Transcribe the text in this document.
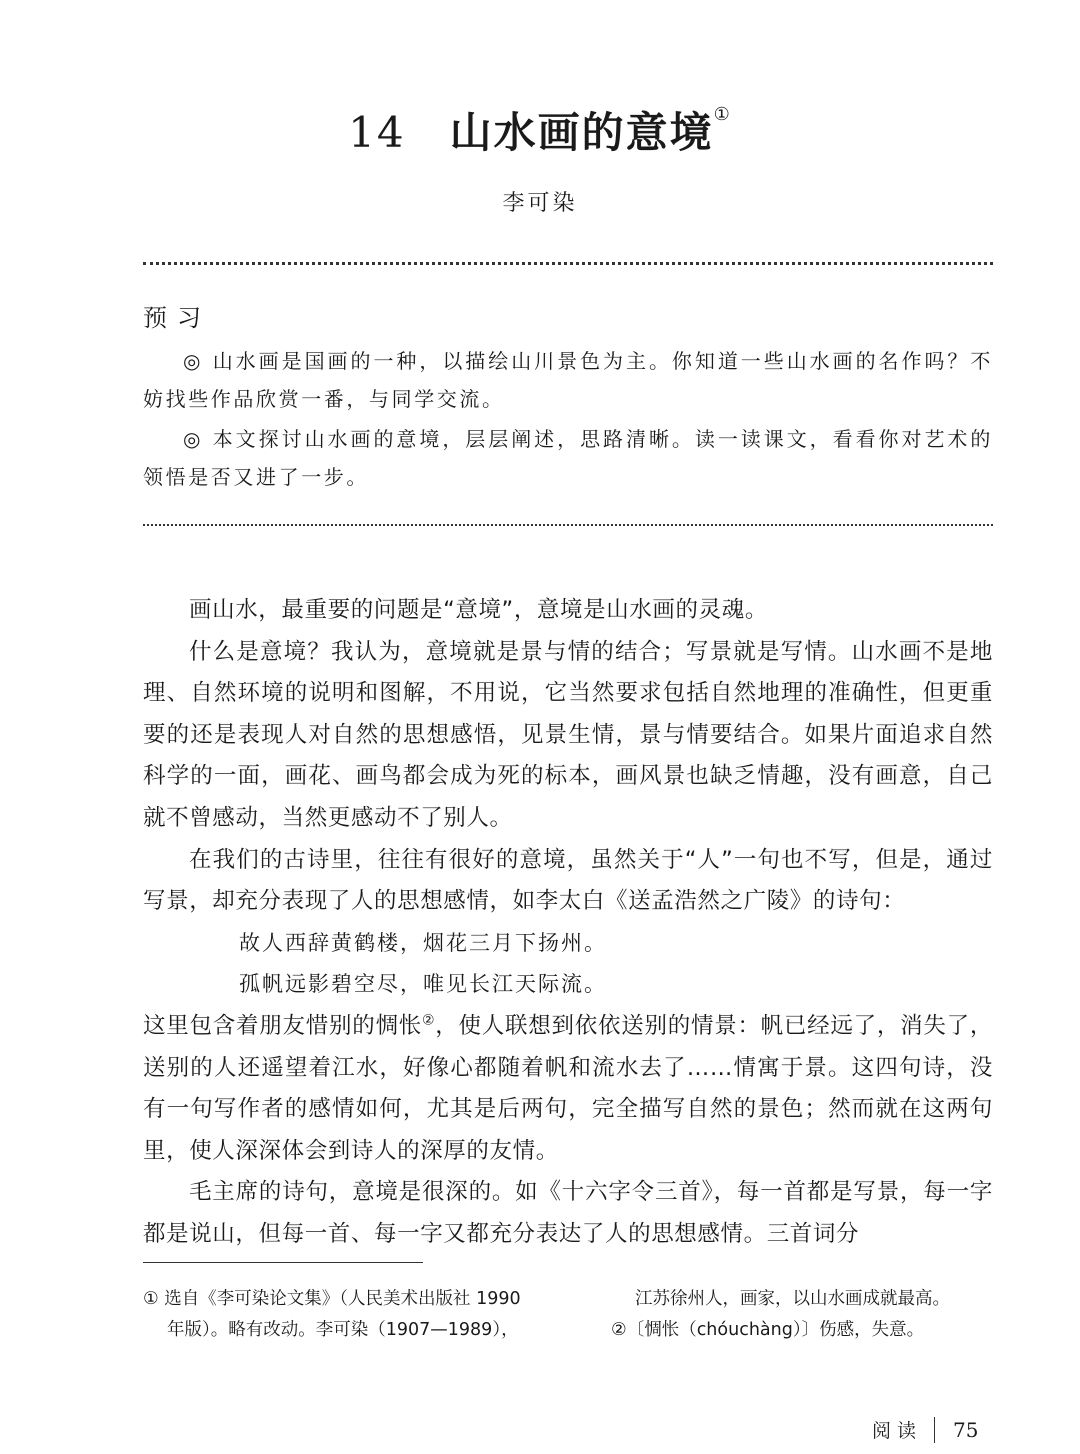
14 山水画的意境①
李可染
预习

◎ 山水画是国画的一种，以描绘山川景色为主。你知道一些山水画的名作吗？不妨找些作品欣赏一番，与同学交流。

◎ 本文探讨山水画的意境，层层阐述，思路清晰。读一读课文，看看你对艺术的领悟是否又进了一步。

画山水，最重要的问题是“意境”，意境是山水画的灵魂。

什么是意境？我认为，意境就是景与情的结合；写景就是写情。山水画不是地理、自然环境的说明和图解，不用说，它当然要求包括自然地理的准确性，但更重要的还是表现人对自然的思想感悟，见景生情，景与情要结合。如果片面追求自然科学的一面，画花、画鸟都会成为死的标本，画风景也缺乏情趣，没有画意，自己就不曾感动，当然更感动不了别人。

在我们的古诗里，往往有很好的意境，虽然关于“人”一句也不写，但是，通过写景，却充分表现了人的思想感情，如李太白《送孟浩然之广陵》的诗句：

故人西辞黄鹤楼，烟花三月下扬州。

孤帆远影碧空尽，唯见长江天际流。

这里包含着朋友惜别的惆怅②，使人联想到依依送别的情景：帆已经远了，消失了，送别的人还遥望着江水，好像心都随着帆和流水去了……情寓于景。这四句诗，没有一句写作者的感情如何，尤其是后两句，完全描写自然的景色；然而就在这两句里，使人深深体会到诗人的深厚的友情。

毛主席的诗句，意境是很深的。如《十六字令三首》，每一首都是写景，每一字都是说山，但每一首、每一字又都充分表达了人的思想感情。三首词分

① 选自《李可染论文集》（人民美术出版社 1990
年版）。略有改动。李可染（1907—1989），
江苏徐州人，画家，以山水画成就最高。
②〔惆怅（chóuchàng）〕伤感，失意。
阅读 75
